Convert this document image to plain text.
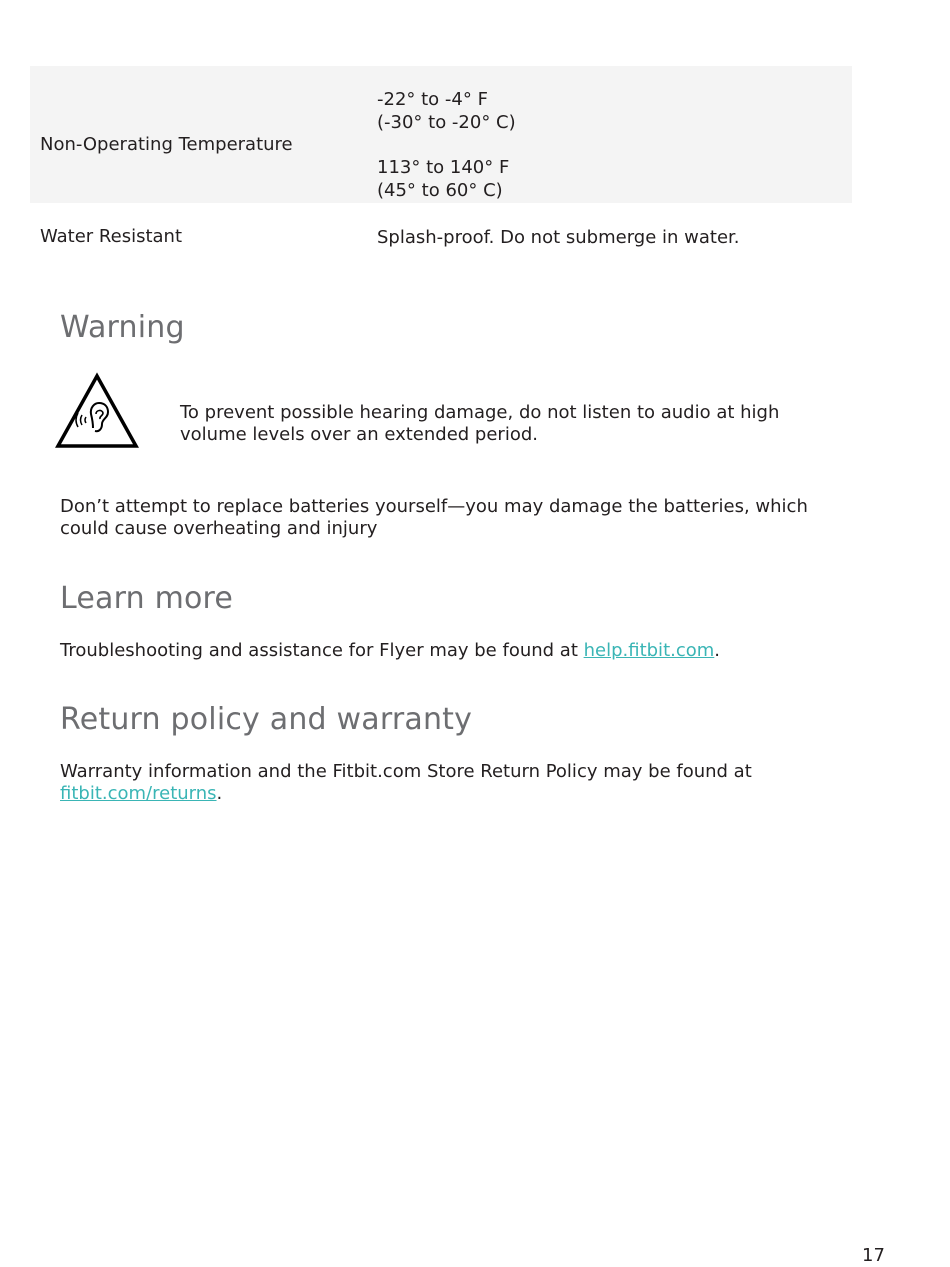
Non-Operating Temperature
-22° to -4° F
(-30° to -20° C)
113° to 140° F
(45° to 60° C)
Water Resistant	Splash-proof. Do not submerge in water.
Warning

To prevent possible hearing damage, do not listen to audio at high volume levels over an extended period.

Don’t attempt to replace batteries yourself—you may damage the batteries, which could cause overheating and injury

Learn more

Troubleshooting and assistance for Flyer may be found at help.fitbit.com.

Return policy and warranty

Warranty information and the Fitbit.com Store Return Policy may be found at fitbit.com/returns.

17
